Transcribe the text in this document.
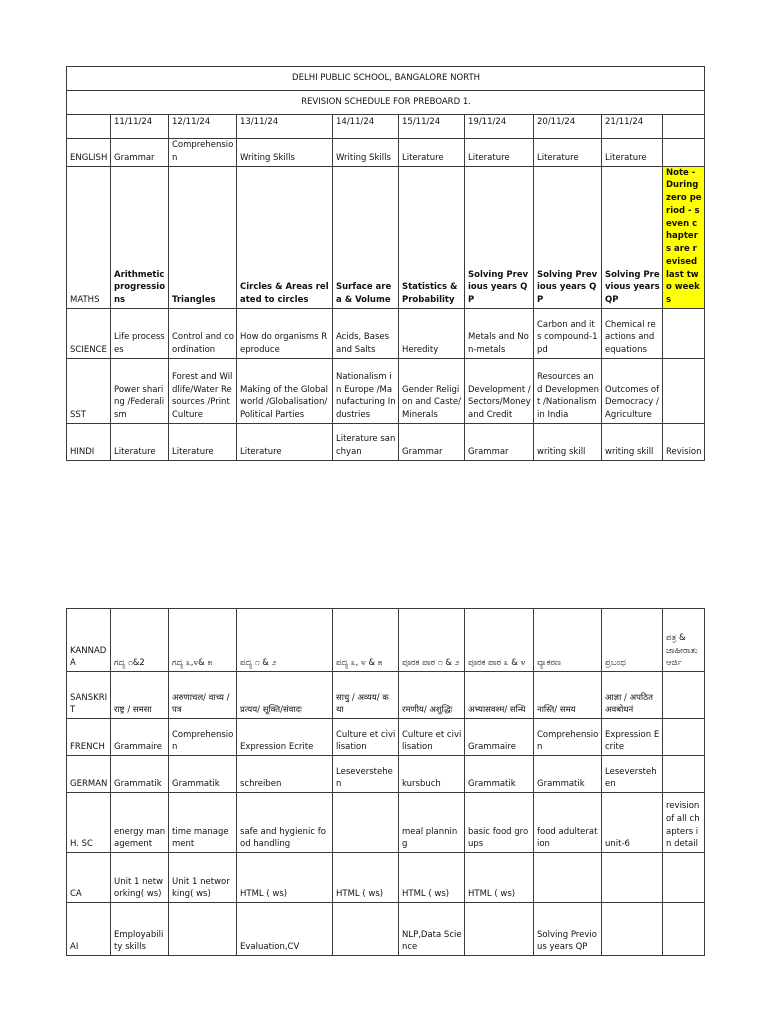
DELHI PUBLIC SCHOOL, BANGALORE NORTH									
REVISION SCHEDULE FOR PREBOARD 1.									
	11/11/24	12/11/24	13/11/24	14/11/24	15/11/24	19/11/24	20/11/24	21/11/24	
ENGLISH	Grammar	Comprehension	Writing Skills	Writing Skills	Literature	Literature	Literature	Literature	
MATHS	Arithmetic progressions	Triangles	Circles & Areas related to circles	Surface area & Volume	Statistics & Probability	Solving Previous years QP	Solving Previous years QP	Solving Previous years QP	Note - During zero period - seven chapters are revised last two weeks
SCIENCE	Life processes	Control and coordination	How do organisms Reproduce	Acids, Bases and Salts	Heredity	Metals and Non-metals	Carbon and its compound-1pd	Chemical reactions and equations	
SST	Power sharing /Federalism	Forest and Wildlife/Water Resources /Print Culture	Making of the Global world /Globalisation/Political Parties	Nationalism in Europe /Manufacturing Industries	Gender Religion and Caste/Minerals	Development /Sectors/Money and Credit	Resources and Development /Nationalism in India	Outcomes of Democracy /Agriculture	
HINDI	Literature	Literature	Literature	Literature sanchyan	Grammar	Grammar	writing skill	writing skill	Revision
KANNADA	ಗದ್ಯ ೧&2	ಗದ್ಯ ೩,೪& ೫	ಪದ್ಯ ೧ & ೨	ಪದ್ಯ ೩, ೪ & ೫	ಪೂರಕ ಪಾಠ ೧ & ೨	ಪೂರಕ ಪಾಠ ೩ & ೪	ವ್ಯಾಕರಣ	ಪ್ರಬಂಧ	ಪತ್ರ & ಜಾಹೀರಾತು ಆರ್ಜಿ
SANSKRIT	राष्ट्र / समसा	अरुणाचल/ वाच्य / पत्र	प्रत्यय/ सूक्ति/संवादः	साधु / अव्यय/ कथा	रमणीय/ अशुद्धिः	अभ्यासवश्म/ सन्धि	नास्ति/ समय	आज्ञा / अपठित अवबोधनं	
FRENCH	Grammaire	Comprehension	Expression Ecrite	Culture et civilisation	Culture et civilisation	Grammaire	Comprehension	Expression Ecrite	
GERMAN	Grammatik	Grammatik	schreiben	Leseverstehen	kursbuch	Grammatik	Grammatik	Leseverstehen	
H. SC	energy management	time management	safe and hygienic food handling		meal planning	basic food groups	food adulteration	unit-6	revision of all chapters in detail
CA	Unit 1 networking( ws)	Unit 1 networking( ws)	HTML ( ws)	HTML ( ws)	HTML ( ws)	HTML ( ws)			
AI	Employability skills		Evaluation,CV		NLP,Data Science		Solving Previous years QP		
